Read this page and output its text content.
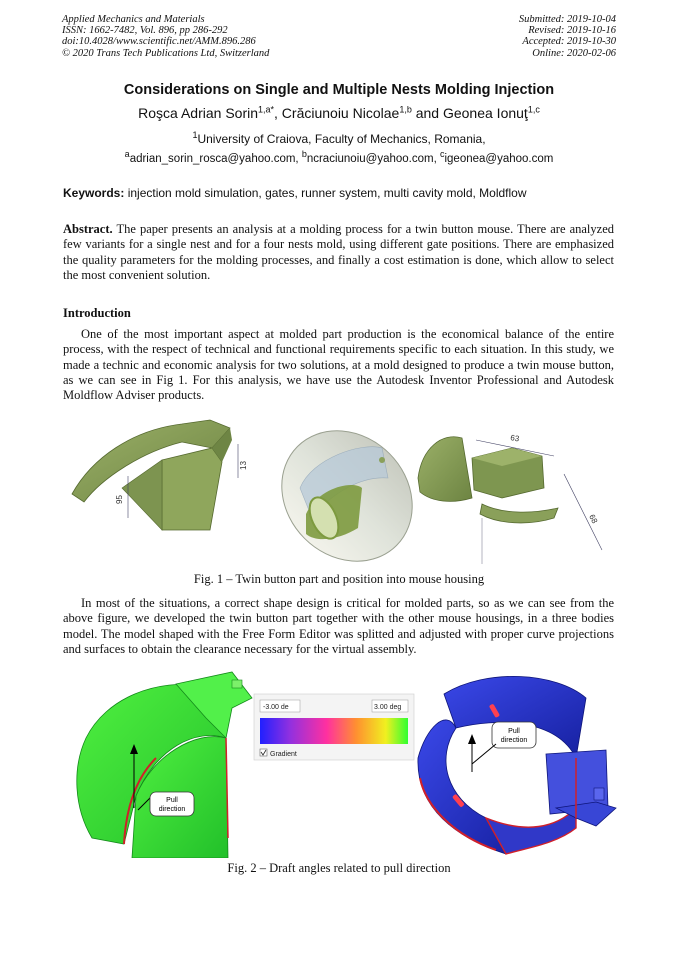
Applied Mechanics and Materials
ISSN: 1662-7482, Vol. 896, pp 286-292
doi:10.4028/www.scientific.net/AMM.896.286
© 2020 Trans Tech Publications Ltd, Switzerland
Submitted: 2019-10-04
Revised: 2019-10-16
Accepted: 2019-10-30
Online: 2020-02-06
Considerations on Single and Multiple Nests Molding Injection
Roşca Adrian Sorin$^{1,a*}$, Crăciunoiu Nicolae$^{1,b}$ and Geonea Ionuţ$^{1,c}$
$^1$University of Craiova, Faculty of Mechanics, Romania,
$^a$adrian_sorin_rosca@yahoo.com, $^b$ncraciunoiu@yahoo.com, $^c$igeonea@yahoo.com
Keywords: injection mold simulation, gates, runner system, multi cavity mold, Moldflow
Abstract. The paper presents an analysis at a molding process for a twin button mouse. There are analyzed few variants for a single nest and for a four nests mold, using different gate positions. There are emphasized the quality parameters for the molding processes, and finally a cost estimation is done, which allow to select the most convenient solution.
Introduction
One of the most important aspect at molded part production is the economical balance of the entire process, with the respect of technical and functional requirements specific to each situation. In this study, we made a technic and economic analysis for two solutions, at a mold designed to produce a twin mouse button, as we can see in Fig 1. For this analysis, we have use the Autodesk Inventor Professional and Autodesk Moldflow Adviser products.
95
13
63
68
Fig. 1 – Twin button part and position into mouse housing
In most of the situations, a correct shape design is critical for molded parts, so as we can see from the above figure, we developed the twin button part together with the other mouse housings, in a three bodies model. The model shaped with the Free Form Editor was splitted and adjusted with proper curve projections and surfaces to obtain the clearance necessary for the virtual assembly.
Pull
direction
-3.00 de	3.00 deg
Gradient
Pull
direction
Fig. 2 – Draft angles related to pull direction
